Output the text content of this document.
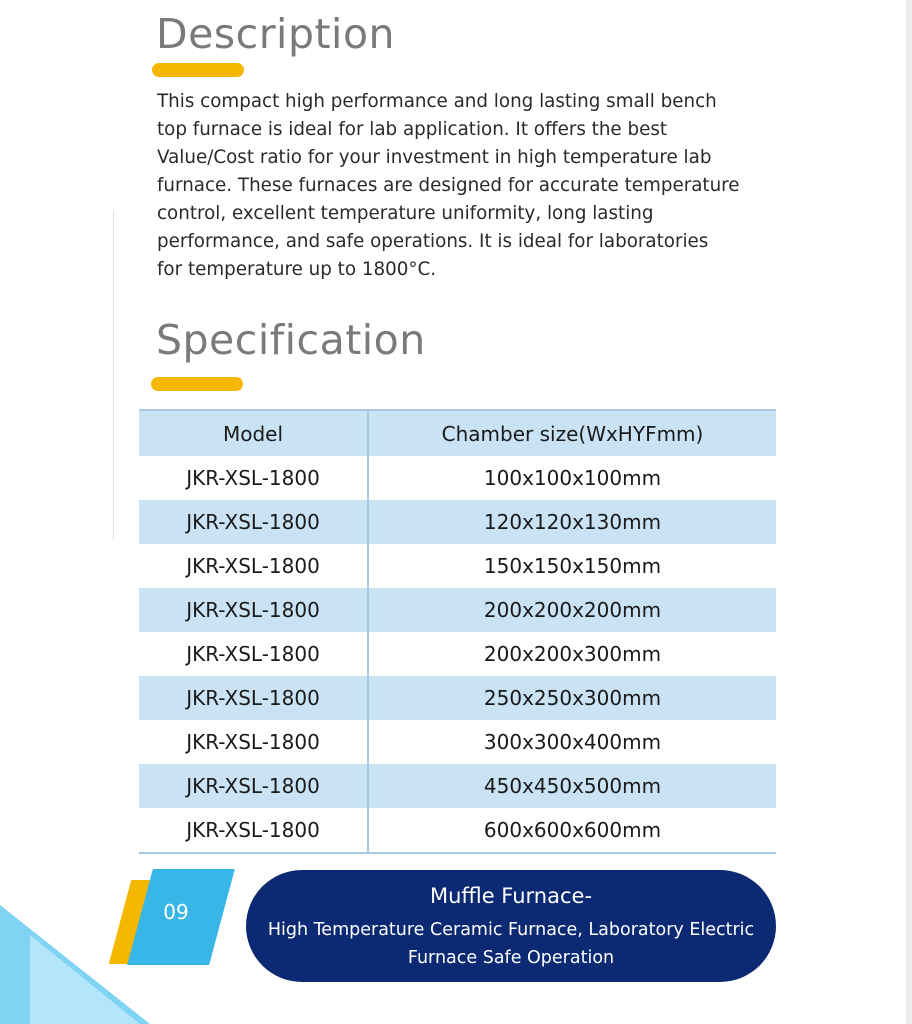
Description

This compact high performance and long lasting small bench
top furnace is ideal for lab application. It offers the best
Value/Cost ratio for your investment in high temperature lab
furnace. These furnaces are designed for accurate temperature
control, excellent temperature uniformity, long lasting
performance, and safe operations. It is ideal for laboratories
for temperature up to 1800°C.

Specification
Model	Chamber size(WxHYFmm)
JKR-XSL-1800	100x100x100mm
JKR-XSL-1800	120x120x130mm
JKR-XSL-1800	150x150x150mm
JKR-XSL-1800	200x200x200mm
JKR-XSL-1800	200x200x300mm
JKR-XSL-1800	250x250x300mm
JKR-XSL-1800	300x300x400mm
JKR-XSL-1800	450x450x500mm
JKR-XSL-1800	600x600x600mm
09
Muffle Furnace-
High Temperature Ceramic Furnace, Laboratory Electric Furnace Safe Operation
